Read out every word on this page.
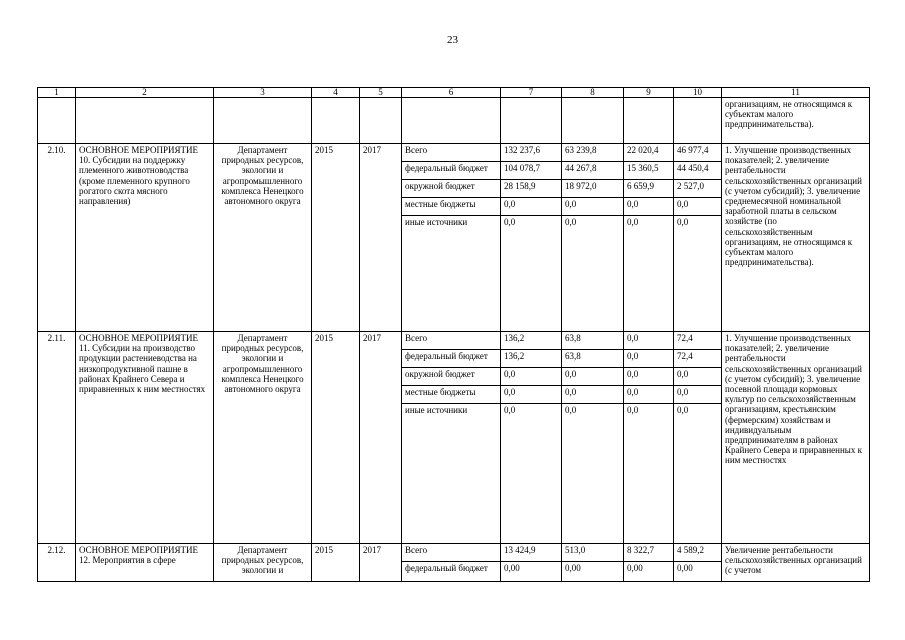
23
1	2	3	4	5	6	7	8	9	10	11
										организациям, не относящимся к субъектам малого предпринимательства).
2.10.	ОСНОВНОЕ МЕРОПРИЯТИЕ 10. Субсидии на поддержку племенного животноводства (кроме племенного крупного рогатого скота мясного направления)	Департамент природных ресурсов, экологии и агропромышленного комплекса Ненецкого автономного округа	2015	2017	Всего	132 237,6	63 239,8	22 020,4	46 977,4	1. Улучшение производственных показателей; 2. увеличение рентабельности сельскохозяйственных организаций (с учетом субсидий); 3. увеличение среднемесячной номинальной заработной платы в сельском хозяйстве (по сельскохозяйственным организациям, не относящимся к субъектам малого предпринимательства).
					федеральный бюджет	104 078,7	44 267,8	15 360,5	44 450,4	
					окружной бюджет	28 158,9	18 972,0	6 659,9	2 527,0	
					местные бюджеты	0,0	0,0	0,0	0,0	
					иные источники	0,0	0,0	0,0	0,0	
2.11.	ОСНОВНОЕ МЕРОПРИЯТИЕ 11. Субсидии на производство продукции растениеводства на низкопродуктивной пашне в районах Крайнего Севера и приравненных к ним местностях	Департамент природных ресурсов, экологии и агропромышленного комплекса Ненецкого автономного округа	2015	2017	Всего	136,2	63,8	0,0	72,4	1. Улучшение производственных показателей; 2. увеличение рентабельности сельскохозяйственных организаций (с учетом субсидий); 3. увеличение посевной площади кормовых культур по сельскохозяйственным организациям, крестьянским (фермерским) хозяйствам и индивидуальным предпринимателям в районах Крайнего Севера и приравненных к ним местностях
					федеральный бюджет	136,2	63,8	0,0	72,4	
					окружной бюджет	0,0	0,0	0,0	0,0	
					местные бюджеты	0,0	0,0	0,0	0,0	
					иные источники	0,0	0,0	0,0	0,0	
2.12.	ОСНОВНОЕ МЕРОПРИЯТИЕ 12. Мероприятия в сфере	Департамент природных ресурсов, экологии и	2015	2017	Всего	13 424,9	513,0	8 322,7	4 589,2	Увеличение рентабельности сельскохозяйственных организаций (с учетом
					федеральный бюджет	0,00	0,00	0,00	0,00	
